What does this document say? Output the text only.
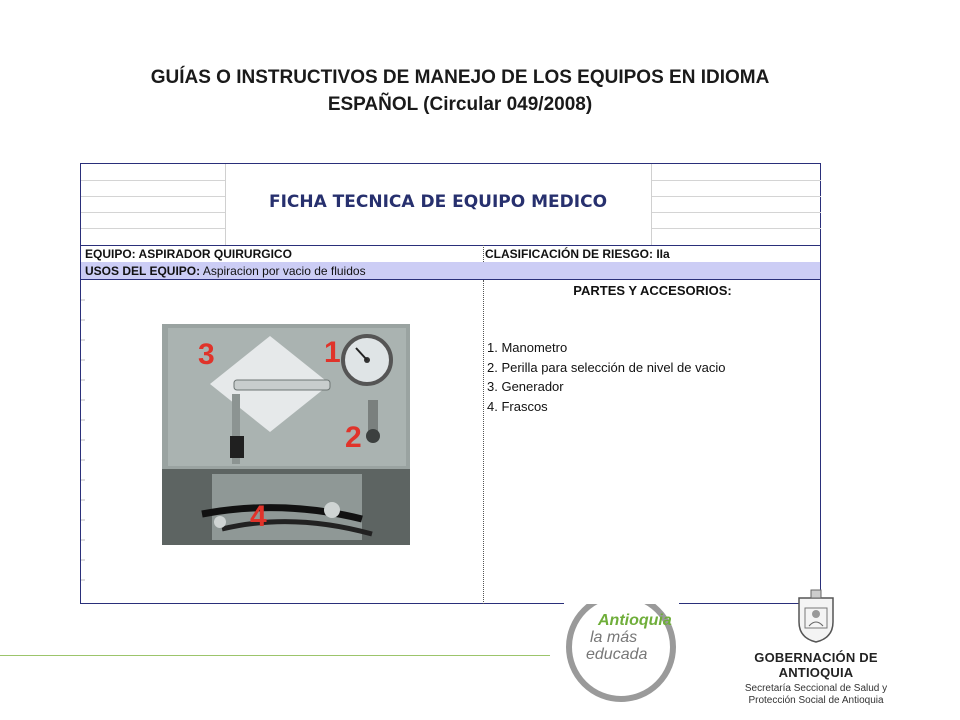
GUÍAS O INSTRUCTIVOS DE MANEJO DE LOS EQUIPOS EN IDIOMA
ESPAÑOL (Circular 049/2008)
FICHA TECNICA DE EQUIPO MEDICO
EQUIPO: ASPIRADOR QUIRURGICO	CLASIFICACIÓN DE RIESGO: IIa
USOS DEL EQUIPO: Aspiracion por vacio de fluidos
3	1
2
4
PARTES Y ACCESORIOS:
1. Manometro
2. Perilla para selección de nivel de vacio
3. Generador
4. Frascos
Antioquia
la más
educada	GOBERNACIÓN DE ANTIOQUIA
Secretaría Seccional de Salud y
Protección Social de Antioquia
